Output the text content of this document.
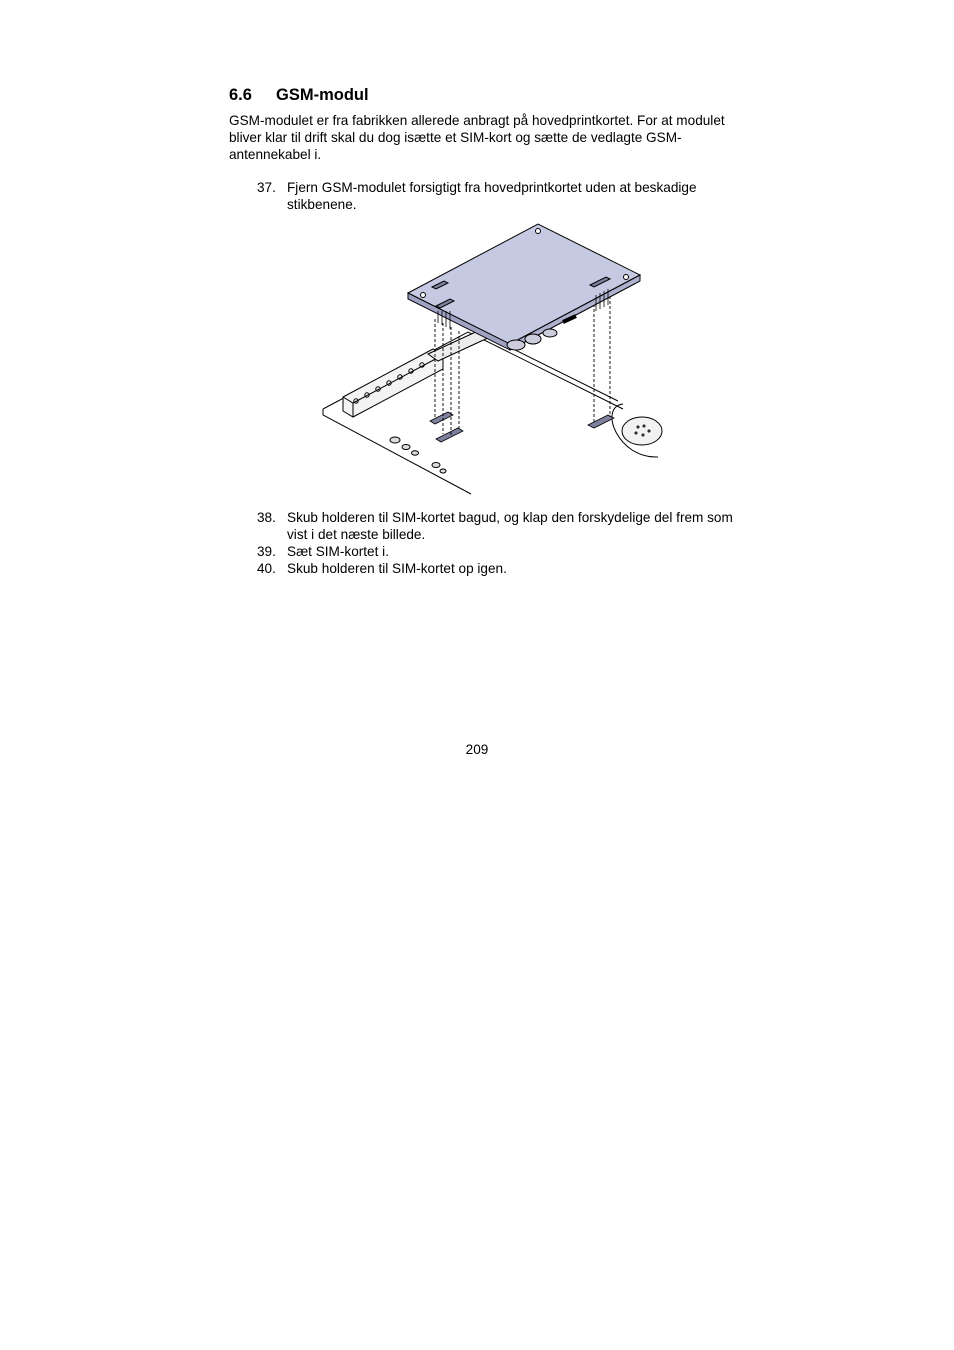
6.6 GSM-modul
GSM-modulet er fra fabrikken allerede anbragt på hovedprintkortet. For at modulet bliver klar til drift skal du dog isætte et SIM-kort og sætte de vedlagte GSM-antennekabel i.
37. Fjern GSM-modulet forsigtigt fra hovedprintkortet uden at beskadige stikbenene.
38. Skub holderen til SIM-kortet bagud, og klap den forskydelige del frem som vist i det næste billede.
39. Sæt SIM-kortet i.
40. Skub holderen til SIM-kortet op igen.
209
